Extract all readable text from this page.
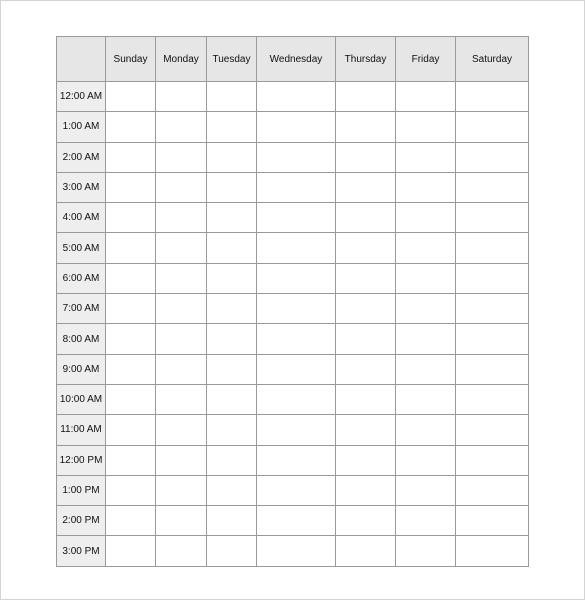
	Sunday	Monday	Tuesday	Wednesday	Thursday	Friday	Saturday
12:00 AM							
1:00 AM							
2:00 AM							
3:00 AM							
4:00 AM							
5:00 AM							
6:00 AM							
7:00 AM							
8:00 AM							
9:00 AM							
10:00 AM							
11:00 AM							
12:00 PM							
1:00 PM							
2:00 PM							
3:00 PM							
